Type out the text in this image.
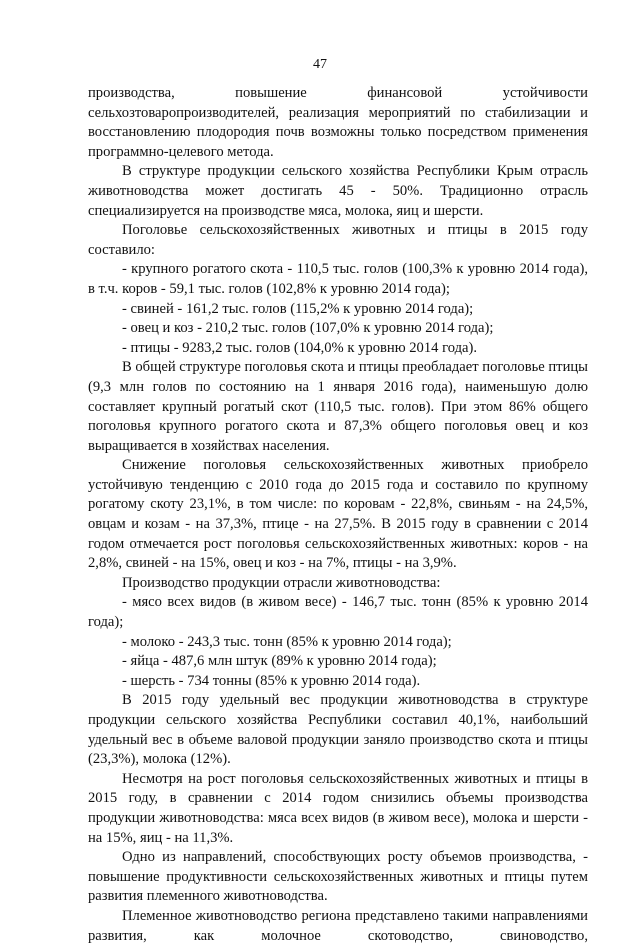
47

производства, повышение финансовой устойчивости сельхозтоваропроизводителей, реализация мероприятий по стабилизации и восстановлению плодородия почв возможны только посредством применения программно-целевого метода.

В структуре продукции сельского хозяйства Республики Крым отрасль животноводства может достигать 45 - 50%. Традиционно отрасль специализируется на производстве мяса, молока, яиц и шерсти.

Поголовье сельскохозяйственных животных и птицы в 2015 году составило:

- крупного рогатого скота - 110,5 тыс. голов (100,3% к уровню 2014 года), в т.ч. коров - 59,1 тыс. голов (102,8% к уровню 2014 года);

- свиней - 161,2 тыс. голов (115,2% к уровню 2014 года);

- овец и коз - 210,2 тыс. голов (107,0% к уровню 2014 года);

- птицы - 9283,2 тыс. голов (104,0% к уровню 2014 года).

В общей структуре поголовья скота и птицы преобладает поголовье птицы (9,3 млн голов по состоянию на 1 января 2016 года), наименьшую долю составляет крупный рогатый скот (110,5 тыс. голов). При этом 86% общего поголовья крупного рогатого скота и 87,3% общего поголовья овец и коз выращивается в хозяйствах населения.

Снижение поголовья сельскохозяйственных животных приобрело устойчивую тенденцию с 2010 года до 2015 года и составило по крупному рогатому скоту 23,1%, в том числе: по коровам - 22,8%, свиньям - на 24,5%, овцам и козам - на 37,3%, птице - на 27,5%. В 2015 году в сравнении с 2014 годом отмечается рост поголовья сельскохозяйственных животных: коров - на 2,8%, свиней - на 15%, овец и коз - на 7%, птицы - на 3,9%.

Производство продукции отрасли животноводства:

- мясо всех видов (в живом весе) - 146,7 тыс. тонн (85% к уровню 2014 года);

- молоко - 243,3 тыс. тонн (85% к уровню 2014 года);

- яйца - 487,6 млн штук (89% к уровню 2014 года);

- шерсть - 734 тонны (85% к уровню 2014 года).

В 2015 году удельный вес продукции животноводства в структуре продукции сельского хозяйства Республики составил 40,1%, наибольший удельный вес в объеме валовой продукции заняло производство скота и птицы (23,3%), молока (12%).

Несмотря на рост поголовья сельскохозяйственных животных и птицы в 2015 году, в сравнении с 2014 годом снизились объемы производства продукции животноводства: мяса всех видов (в живом весе), молока и шерсти - на 15%, яиц - на 11,3%.

Одно из направлений, способствующих росту объемов производства, - повышение продуктивности сельскохозяйственных животных и птицы путем развития племенного животноводства.

Племенное животноводство региона представлено такими направлениями развития, как молочное скотоводство, свиноводство,
